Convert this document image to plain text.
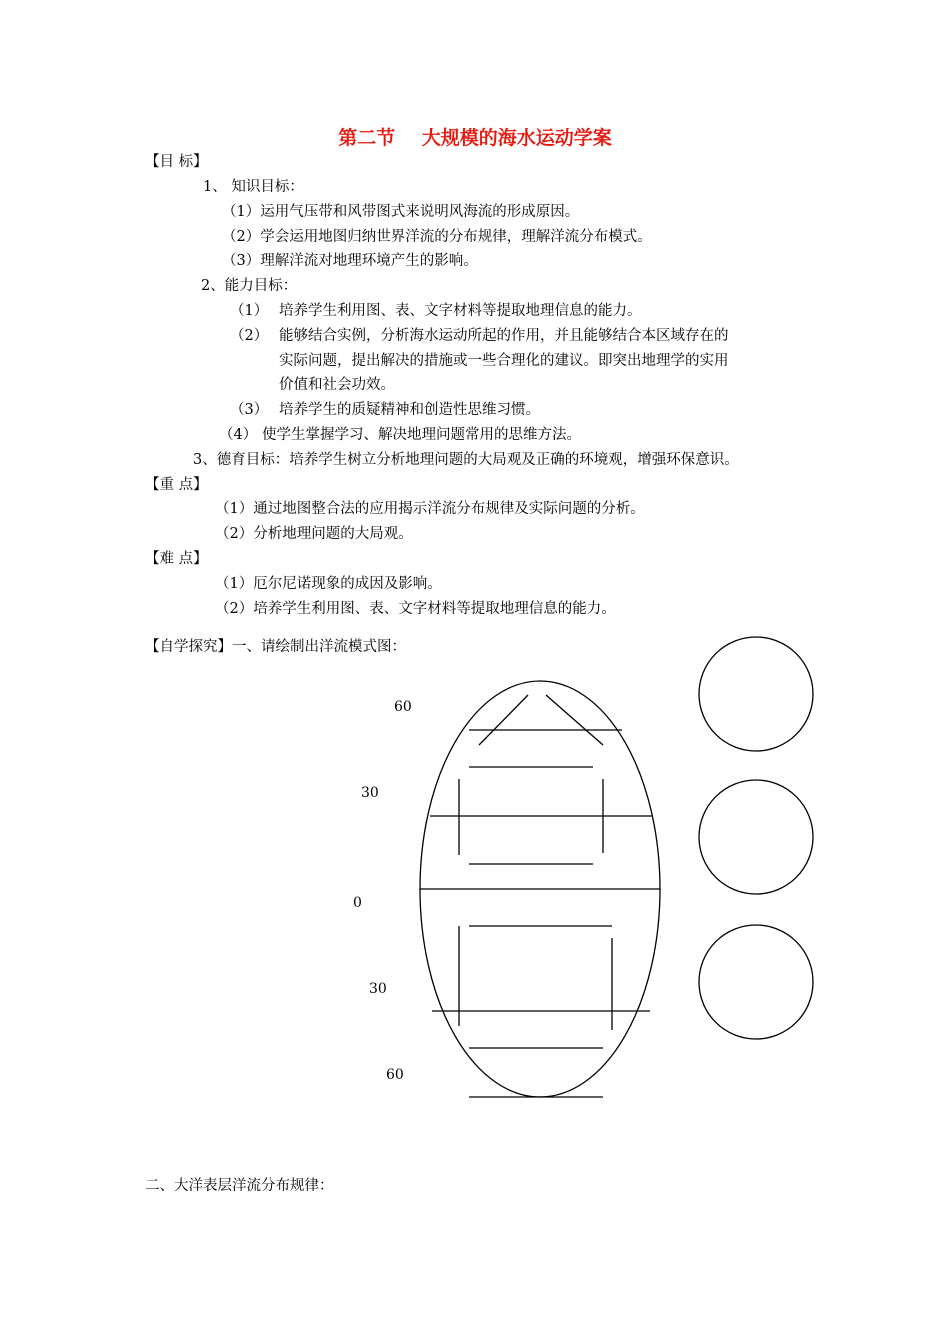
第二节    大规模的海水运动学案
【目 标】
1、 知识目标：
（1）运用气压带和风带图式来说明风海流的形成原因。
（2）学会运用地图归纳世界洋流的分布规律，理解洋流分布模式。
（3）理解洋流对地理环境产生的影响。
2、能力目标：
（1） 培养学生利用图、表、文字材料等提取地理信息的能力。
（2） 能够结合实例，分析海水运动所起的作用，并且能够结合本区域存在的
实际问题，提出解决的措施或一些合理化的建议。即突出地理学的实用
价值和社会功效。
（3） 培养学生的质疑精神和创造性思维习惯。
（4） 使学生掌握学习、解决地理问题常用的思维方法。
3、德育目标：培养学生树立分析地理问题的大局观及正确的环境观，增强环保意识。
【重 点】
（1）通过地图整合法的应用揭示洋流分布规律及实际问题的分析。
（2）分析地理问题的大局观。
【难 点】
（1）厄尔尼诺现象的成因及影响。
（2）培养学生利用图、表、文字材料等提取地理信息的能力。
【自学探究】一、请绘制出洋流模式图：
60
30
0
30
60
二、大洋表层洋流分布规律：
